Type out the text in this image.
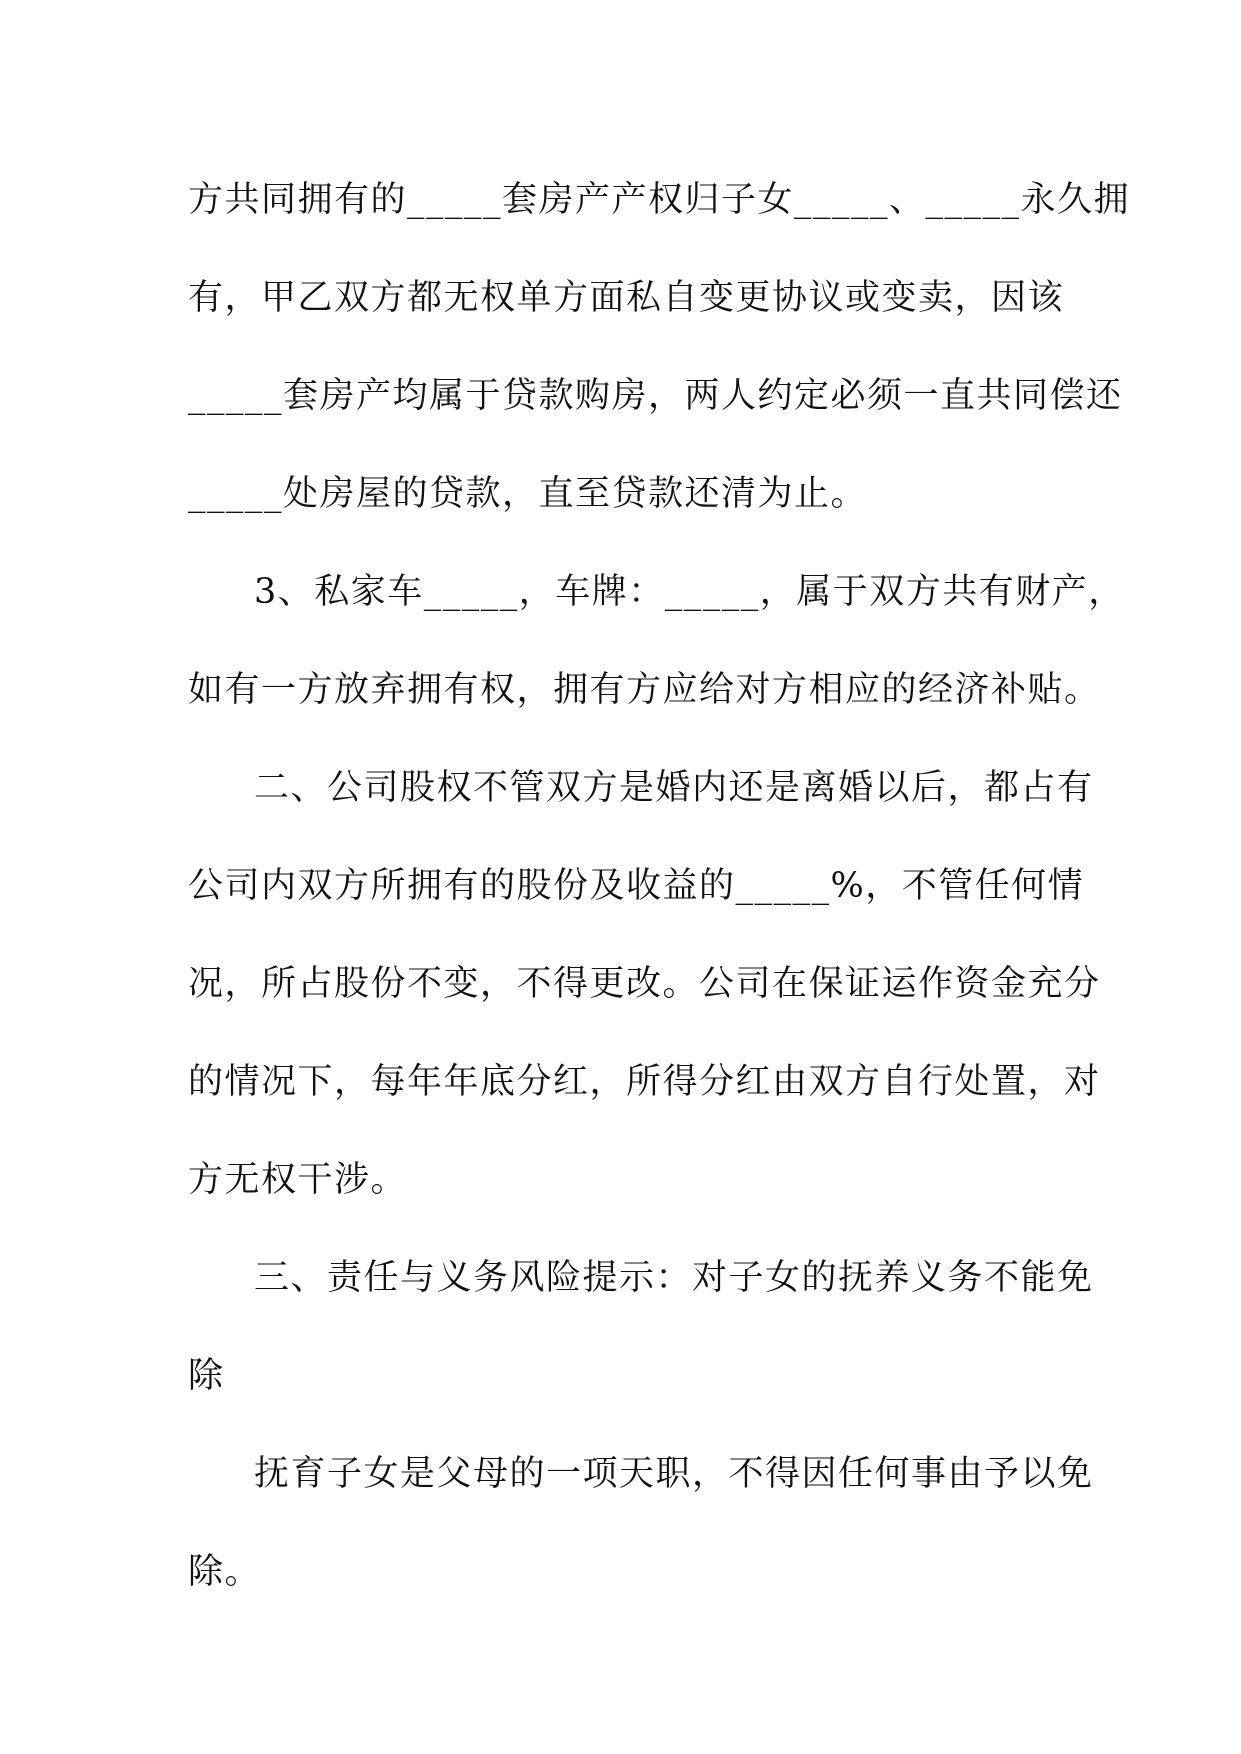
方共同拥有的_____套房产产权归子女_____、_____永久拥
有，甲乙双方都无权单方面私自变更协议或变卖，因该
_____套房产均属于贷款购房，两人约定必须一直共同偿还
_____处房屋的贷款，直至贷款还清为止。
3、私家车_____，车牌：_____，属于双方共有财产，
如有一方放弃拥有权，拥有方应给对方相应的经济补贴。
二、公司股权不管双方是婚内还是离婚以后，都占有
公司内双方所拥有的股份及收益的_____%，不管任何情
况，所占股份不变，不得更改。公司在保证运作资金充分
的情况下，每年年底分红，所得分红由双方自行处置，对
方无权干涉。
三、责任与义务风险提示：对子女的抚养义务不能免
除
抚育子女是父母的一项天职，不得因任何事由予以免
除。
